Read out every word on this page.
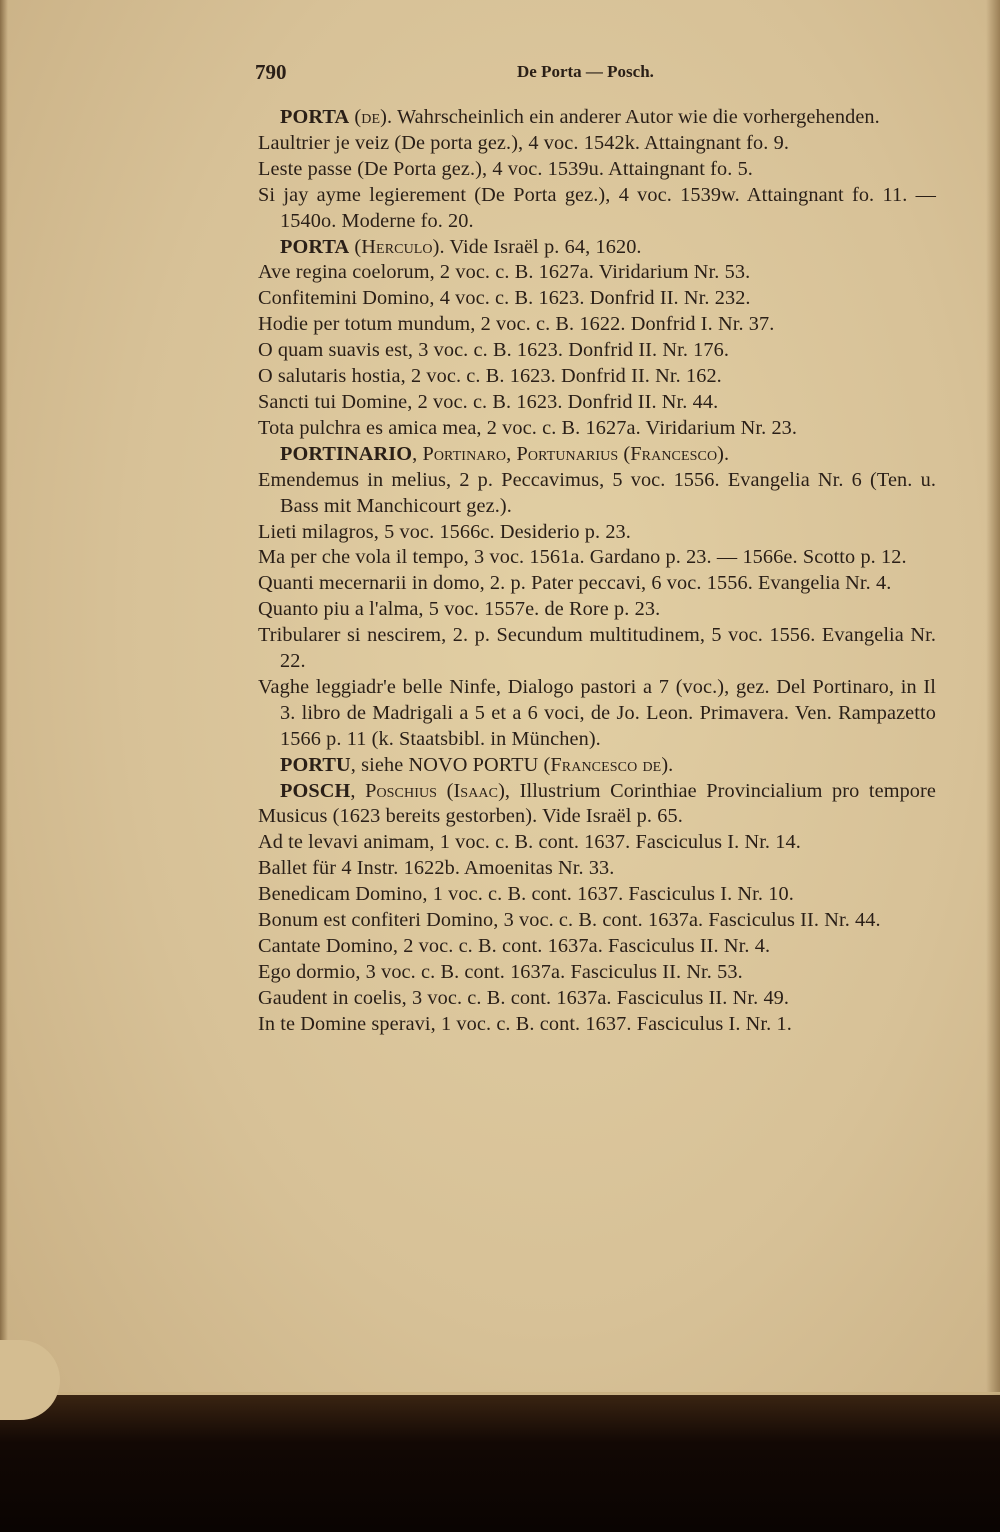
790	De Porta — Posch.

PORTA (de). Wahrscheinlich ein anderer Autor wie die vorhergehenden.

Laultrier je veiz (De porta gez.), 4 voc. 1542k. Attaingnant fo. 9.

Leste passe (De Porta gez.), 4 voc. 1539u. Attaingnant fo. 5.

Si jay ayme legierement (De Porta gez.), 4 voc. 1539w. Attaingnant fo. 11. — 1540o. Moderne fo. 20.

PORTA (Herculo). Vide Israël p. 64, 1620.

Ave regina coelorum, 2 voc. c. B. 1627a. Viridarium Nr. 53.

Confitemini Domino, 4 voc. c. B. 1623. Donfrid II. Nr. 232.

Hodie per totum mundum, 2 voc. c. B. 1622. Donfrid I. Nr. 37.

O quam suavis est, 3 voc. c. B. 1623. Donfrid II. Nr. 176.

O salutaris hostia, 2 voc. c. B. 1623. Donfrid II. Nr. 162.

Sancti tui Domine, 2 voc. c. B. 1623. Donfrid II. Nr. 44.

Tota pulchra es amica mea, 2 voc. c. B. 1627a. Viridarium Nr. 23.

PORTINARIO, Portinaro, Portunarius (Francesco).

Emendemus in melius, 2 p. Peccavimus, 5 voc. 1556. Evangelia Nr. 6 (Ten. u. Bass mit Manchicourt gez.).

Lieti milagros, 5 voc. 1566c. Desiderio p. 23.

Ma per che vola il tempo, 3 voc. 1561a. Gardano p. 23. — 1566e. Scotto p. 12.

Quanti mecernarii in domo, 2. p. Pater peccavi, 6 voc. 1556. Evangelia Nr. 4.

Quanto piu a l'alma, 5 voc. 1557e. de Rore p. 23.

Tribularer si nescirem, 2. p. Secundum multitudinem, 5 voc. 1556. Evangelia Nr. 22.

Vaghe leggiadr'e belle Ninfe, Dialogo pastori a 7 (voc.), gez. Del Portinaro, in Il 3. libro de Madrigali a 5 et a 6 voci, de Jo. Leon. Primavera. Ven. Rampazetto 1566 p. 11 (k. Staatsbibl. in München).

PORTU, siehe NOVO PORTU (Francesco de).

POSCH, Poschius (Isaac), Illustrium Corinthiae Provincialium pro tempore Musicus (1623 bereits gestorben). Vide Israël p. 65.

Ad te levavi animam, 1 voc. c. B. cont. 1637. Fasciculus I. Nr. 14.

Ballet für 4 Instr. 1622b. Amoenitas Nr. 33.

Benedicam Domino, 1 voc. c. B. cont. 1637. Fasciculus I. Nr. 10.

Bonum est confiteri Domino, 3 voc. c. B. cont. 1637a. Fasciculus II. Nr. 44.

Cantate Domino, 2 voc. c. B. cont. 1637a. Fasciculus II. Nr. 4.

Ego dormio, 3 voc. c. B. cont. 1637a. Fasciculus II. Nr. 53.

Gaudent in coelis, 3 voc. c. B. cont. 1637a. Fasciculus II. Nr. 49.

In te Domine speravi, 1 voc. c. B. cont. 1637. Fasciculus I. Nr. 1.
